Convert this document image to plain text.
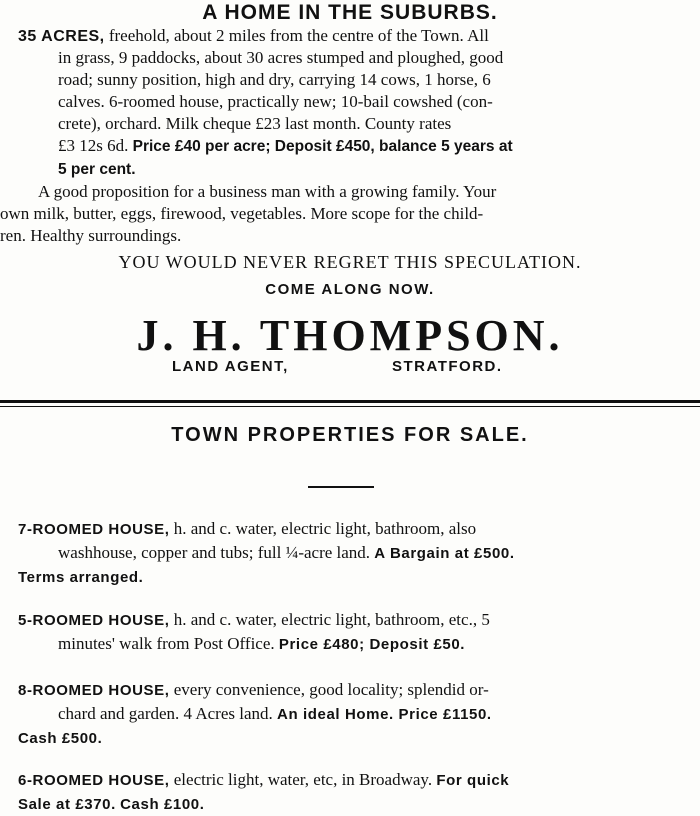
A HOME IN THE SUBURBS.
35 ACRES, freehold, about 2 miles from the centre of the Town. All
in grass, 9 paddocks, about 30 acres stumped and ploughed, good
road; sunny position, high and dry, carrying 14 cows, 1 horse, 6
calves. 6-roomed house, practically new; 10-bail cowshed (con-
crete), orchard. Milk cheque £23 last month. County rates
£3 12s 6d. Price £40 per acre; Deposit £450, balance 5 years at
5 per cent.
A good proposition for a business man with a growing family. Your
own milk, butter, eggs, firewood, vegetables. More scope for the child-
ren. Healthy surroundings.
YOU WOULD NEVER REGRET THIS SPECULATION.
COME ALONG NOW.
J. H. THOMPSON.
LAND AGENT,	STRATFORD.
TOWN PROPERTIES FOR SALE.
7-ROOMED HOUSE, h. and c. water, electric light, bathroom, also
washhouse, copper and tubs; full ¼-acre land. A Bargain at £500.
Terms arranged.
5-ROOMED HOUSE, h. and c. water, electric light, bathroom, etc., 5
minutes' walk from Post Office. Price £480; Deposit £50.
8-ROOMED HOUSE, every convenience, good locality; splendid or-
chard and garden. 4 Acres land. An ideal Home. Price £1150.
Cash £500.
6-ROOMED HOUSE, electric light, water, etc, in Broadway. For quick
Sale at £370. Cash £100.
